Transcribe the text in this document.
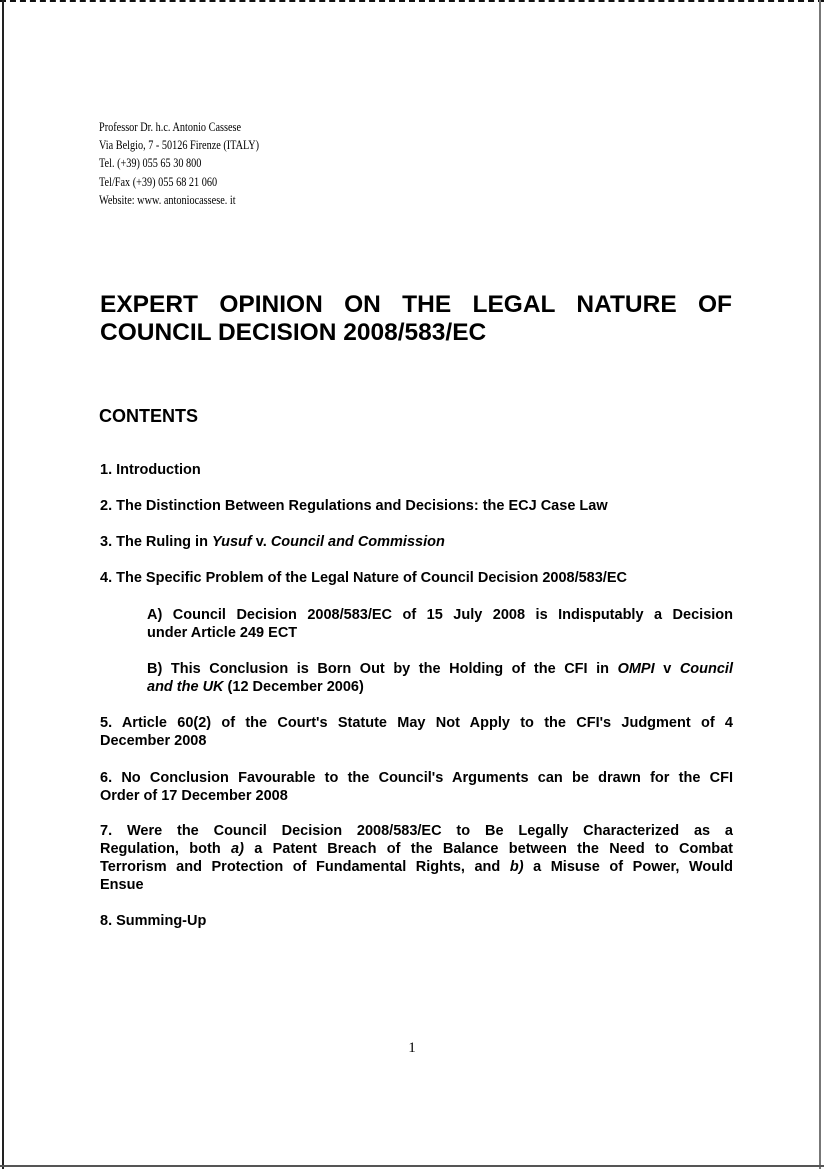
Professor Dr. h.c. Antonio Cassese
Via Belgio, 7 - 50126 Firenze (ITALY)
Tel. (+39) 055 65 30 800
Tel/Fax (+39) 055 68 21 060
Website: www. antoniocassese. it
EXPERT OPINION ON THE LEGAL NATURE OF
COUNCIL DECISION 2008/583/EC
CONTENTS
1. Introduction
2. The Distinction Between Regulations and Decisions: the ECJ Case Law
3. The Ruling in Yusuf v. Council and Commission
4. The Specific Problem of the Legal Nature of Council Decision 2008/583/EC
A) Council Decision 2008/583/EC of 15 July 2008 is Indisputably a Decision
under Article 249 ECT
B) This Conclusion is Born Out by the Holding of the CFI in OMPI v Council
and the UK (12 December 2006)
5. Article 60(2) of the Court's Statute May Not Apply to the CFI's Judgment of 4
December 2008
6. No Conclusion Favourable to the Council's Arguments can be drawn for the CFI
Order of 17 December 2008
7. Were the Council Decision 2008/583/EC to Be Legally Characterized as a
Regulation, both a) a Patent Breach of the Balance between the Need to Combat
Terrorism and Protection of Fundamental Rights, and b) a Misuse of Power, Would
Ensue
8. Summing-Up
1
